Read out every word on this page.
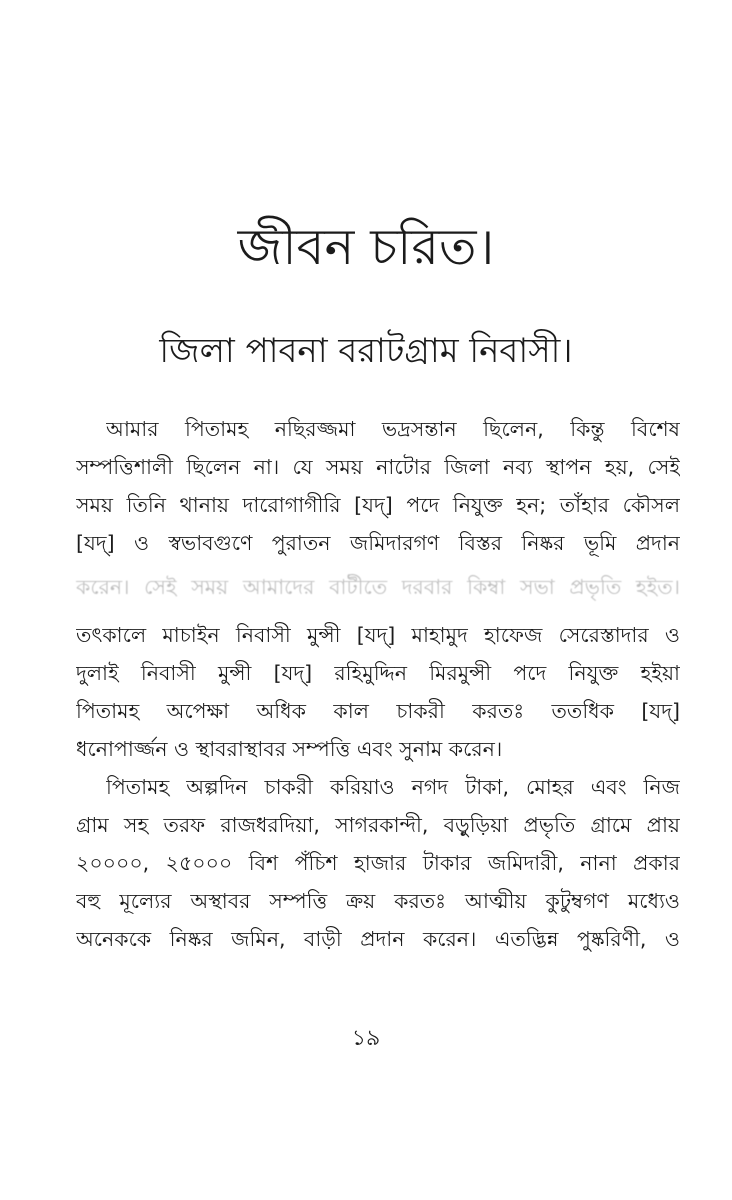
জীবন চরিত।
জিলা পাবনা বরাটগ্রাম নিবাসী।
আমার পিতামহ নছিরজ্জমা ভদ্রসন্তান ছিলেন, কিন্তু বিশেষ
সম্পত্তিশালী ছিলেন না। যে সময় নাটোর জিলা নব্য স্থাপন হয়, সেই
সময় তিনি থানায় দারোগাগীরি [যদ্] পদে নিযুক্ত হন; তাঁহার কৌসল
[যদ্] ও স্বভাবগুণে পুরাতন জমিদারগণ বিস্তর নিষ্কর ভূমি প্রদান
করেন। সেই সময় আমাদের বাটীতে দরবার কিম্বা সভা প্রভৃতি হইত।
তৎকালে মাচাইন নিবাসী মুন্সী [যদ্] মাহামুদ হাফেজ সেরেস্তাদার ও
দুলাই নিবাসী মুন্সী [যদ্] রহিমুদ্দিন মিরমুন্সী পদে নিযুক্ত হইয়া
পিতামহ অপেক্ষা অধিক কাল চাকরী করতঃ ততধিক [যদ্]
ধনোপার্জ্জন ও স্থাবরাস্থাবর সম্পত্তি এবং সুনাম করেন।
পিতামহ অল্পদিন চাকরী করিয়াও নগদ টাকা, মোহর এবং নিজ
গ্রাম সহ তরফ রাজধরদিয়া, সাগরকান্দী, বড়ুড়িয়া প্রভৃতি গ্রামে প্রায়
২০০০০, ২৫০০০ বিশ পঁচিশ হাজার টাকার জমিদারী, নানা প্রকার
বহু মূল্যের অস্থাবর সম্পত্তি ক্রয় করতঃ আত্মীয় কুটুম্বগণ মধ্যেও
অনেককে নিষ্কর জমিন, বাড়ী প্রদান করেন। এতদ্ভিন্ন পুষ্করিণী, ও
১৯
